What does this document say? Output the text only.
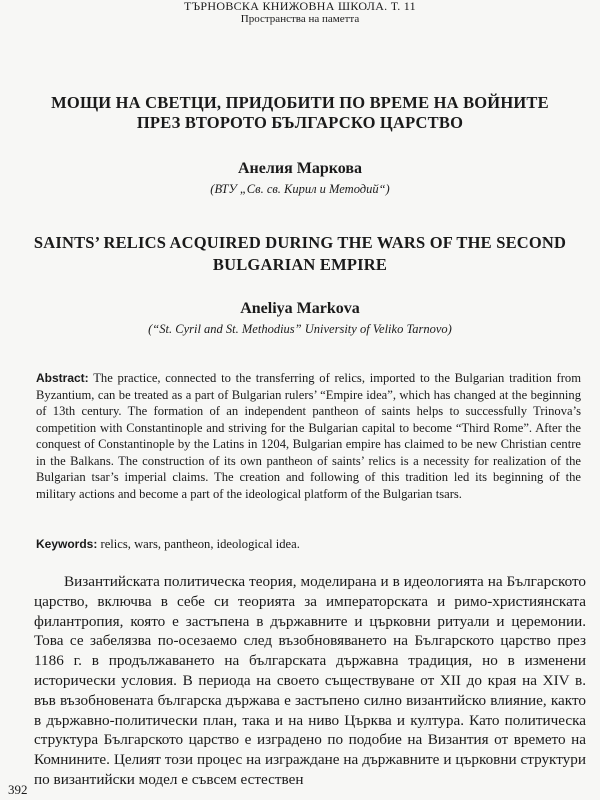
ТЪРНОВСКА КНИЖОВНА ШКОЛА. Т. 11
Пространства на паметта
МОЩИ НА СВЕТЦИ, ПРИДОБИТИ ПО ВРЕМЕ НА ВОЙНИТЕ ПРЕЗ ВТОРОТО БЪЛГАРСКО ЦАРСТВО
Анелия Маркова
(ВТУ „Св. св. Кирил и Методий“)
SAINTS’ RELICS ACQUIRED DURING THE WARS OF THE SECOND BULGARIAN EMPIRE
Aneliya Markova
(“St. Cyril and St. Methodius” University of Veliko Tarnovo)
Abstract: The practice, connected to the transferring of relics, imported to the Bulgarian tradition from Byzantium, can be treated as a part of Bulgarian rulers’ “Empire idea”, which has changed at the beginning of 13th century. The formation of an independent pantheon of saints helps to successfully Trinova’s competition with Constantinople and striving for the Bulgarian capital to become “Third Rome”. After the conquest of Constantinople by the Latins in 1204, Bulgarian empire has claimed to be new Christian centre in the Balkans. The construction of its own pantheon of saints’ relics is a necessity for realization of the Bulgarian tsar’s imperial claims. The creation and following of this tradition led its beginning of the military actions and become a part of the ideological platform of the Bulgarian tsars.
Keywords: relics, wars, pantheon, ideological idea.
Византийската политическа теория, моделирана и в идеологията на Българското царство, включва в себе си теорията за императорската и римо-християнската филантропия, която е застъпена в държавните и църковни ритуали и церемонии. Това се забелязва по-осезаемо след възобновяването на Българското царство през 1186 г. в продължаването на българската държавна традиция, но в изменени исторически условия. В периода на своето съществуване от XII до края на XIV в. във възобновената българска държава е застъпено силно византийско влияние, както в държавно-политически план, така и на ниво Църква и култура. Като политическа структура Българското царство е изградено по подобие на Византия от времето на Комнините. Целият този процес на изграждане на държавните и църковни структури по византийски модел е съвсем естествен
392
